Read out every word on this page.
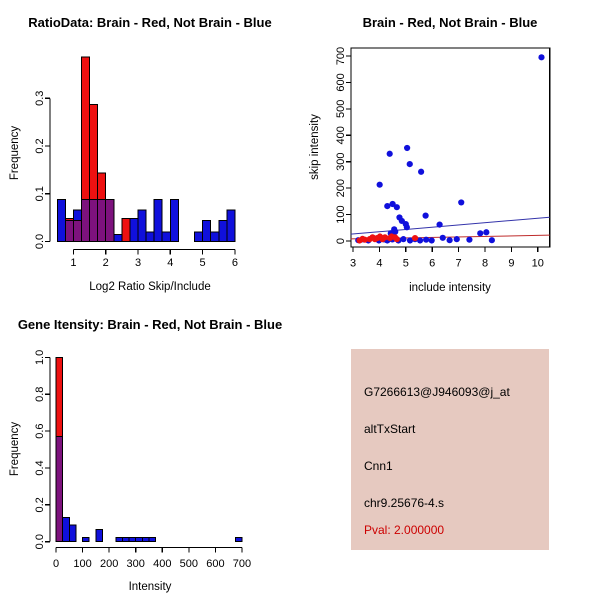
RatioData: Brain - Red, Not Brain - Blue
1 2 3 4 5 6
0.0
0.1
0.2
0.3
Log2 Ratio Skip/Include
Frequency
Brain - Red, Not Brain - Blue
3 4 5 6 7 8 9 10
0
100
200
300
400
500
600
700
include intensity
skip intensity
Gene Itensity: Brain - Red, Not Brain - Blue
0 100 200 300 400 500 600 700
0.0
0.2
0.4
0.6
0.8
1.0
Intensity
Frequency
G7266613@J946093@j_at
altTxStart
Cnn1
chr9.25676-4.s
Pval: 2.000000
